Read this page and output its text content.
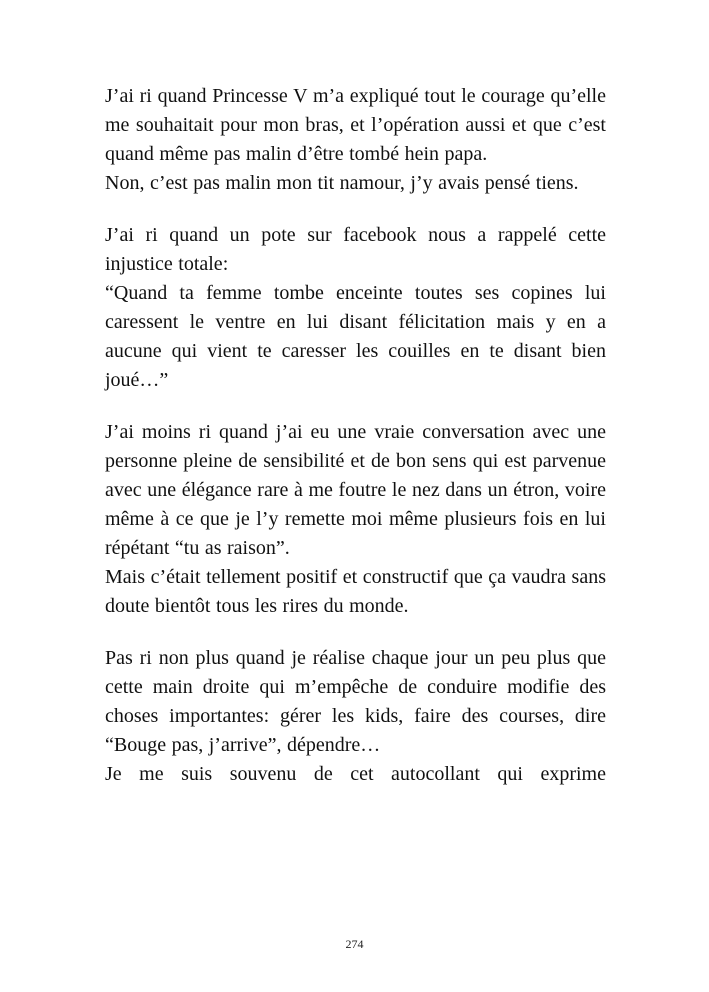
J’ai ri quand Princesse V m’a expliqué tout le courage qu’elle me souhaitait pour mon bras, et l’opération aussi et que c’est quand même pas malin d’être tombé hein papa.

Non, c’est pas malin mon tit namour, j’y avais pensé tiens.

J’ai ri quand un pote sur facebook nous a rappelé cette injustice totale:

“Quand ta femme tombe enceinte toutes ses copines lui caressent le ventre en lui disant félicitation mais y en a aucune qui vient te caresser les couilles en te disant bien joué…”

J’ai moins ri quand j’ai eu une vraie conversation avec une personne pleine de sensibilité et de bon sens qui est parvenue avec une élégance rare à me foutre le nez dans un étron, voire même à ce que je l’y remette moi même plusieurs fois en lui répétant “tu as raison”.

Mais c’était tellement positif et constructif que ça vaudra sans doute bientôt tous les rires du monde.

Pas ri non plus quand je réalise chaque jour un peu plus que cette main droite qui m’empêche de conduire modifie des choses importantes: gérer les kids, faire des courses, dire “Bouge pas, j’arrive”, dépendre…

Je me suis souvenu de cet autocollant qui exprime

274
